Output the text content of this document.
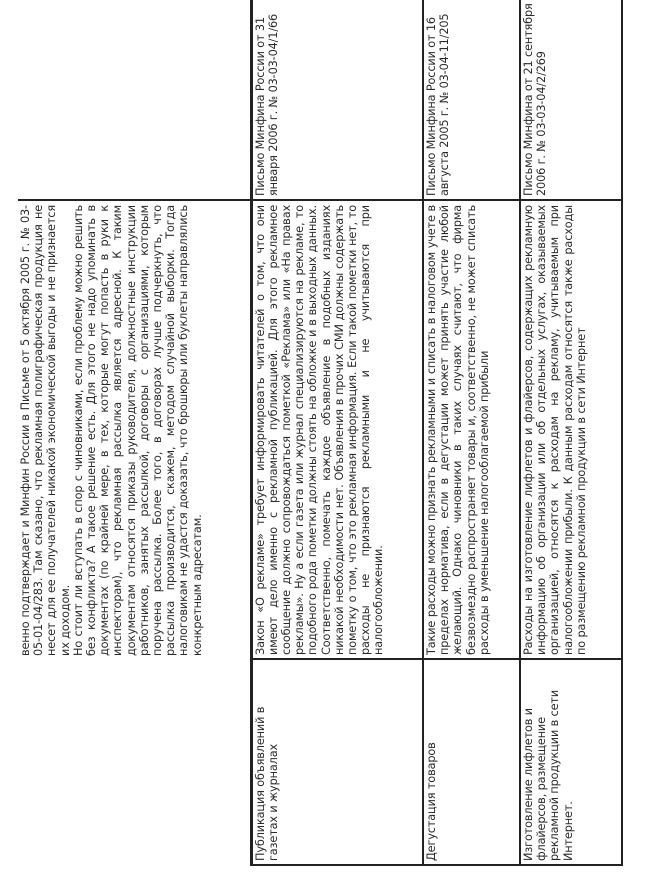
	венно подтверждает и Минфин России в Письме от 5 октября 2005 г. № 03-05-01-04/283. Там сказано, что рекламная полиграфическая продукция не несет для ее получателей никакой экономической выгоды и не признается их доходом. Но стоит ли вступать в спор с чиновниками, если проблему можно решить без конфликта? А такое решение есть. Для этого не надо упоминать в документах (по крайней мере, в тех, которые могут попасть в руки к инспекторам), что рекламная рассылка является адресной. К таким документам относятся приказы руководителя, должностные инструкции работников, занятых рассылкой, договоры с организациями, которым поручена рассылка. Более того, в договорах лучше подчеркнуть, что рассылка производится, скажем, методом случайной выборки. Тогда налоговикам не удастся доказать, что брошюры или буклеты направлялись конкретным адресатам.	

Публикация объявлений в газетах и журналах	Закон «О рекламе» требует информировать читателей о том, что они имеют дело именно с рекламной публикацией. Для этого рекламное сообщение должно сопровождаться пометкой «Реклама» или «На правах рекламы». Ну а если газета или журнал специализируются на рекламе, то подобного рода пометки должны стоять на обложке и в выходных данных. Соответственно, помечать каждое объявление в подобных изданиях никакой необходимости нет. Объявления в прочих СМИ должны содержать пометку о том, что это рекламная информация. Если такой пометки нет, то расходы не признаются рекламными и не учитываются при налогообложении.	Письмо Минфина России от 31 января 2006 г. № 03-03-04/1/66
Дегустация товаров	Такие расходы можно признать рекламными и списать в налоговом учете в пределах норматива, если в дегустации может принять участие любой желающий. Однако чиновники в таких случаях считают, что фирма безвозмездно распространяет товары и, соответственно, не может списать расходы в уменьшение налогооблагаемой прибыли	Письмо Минфина России от 16 августа 2005 г. № 03-04-11/205
Изготовление лифлетов и флайерсов, размещение рекламной продукции в сети Интернет.	Расходы на изготовление лифлетов и флайерсов, содержащих рекламную информацию об организации или об отдельных услугах, оказываемых организацией, относятся к расходам на рекламу, учитываемым при налогообложении прибыли. К данным расходам относятся также расходы по размещению рекламной продукции в сети Интернет	Письмо Минфина от 21 сентября 2006 г. № 03-03-04/2/269
